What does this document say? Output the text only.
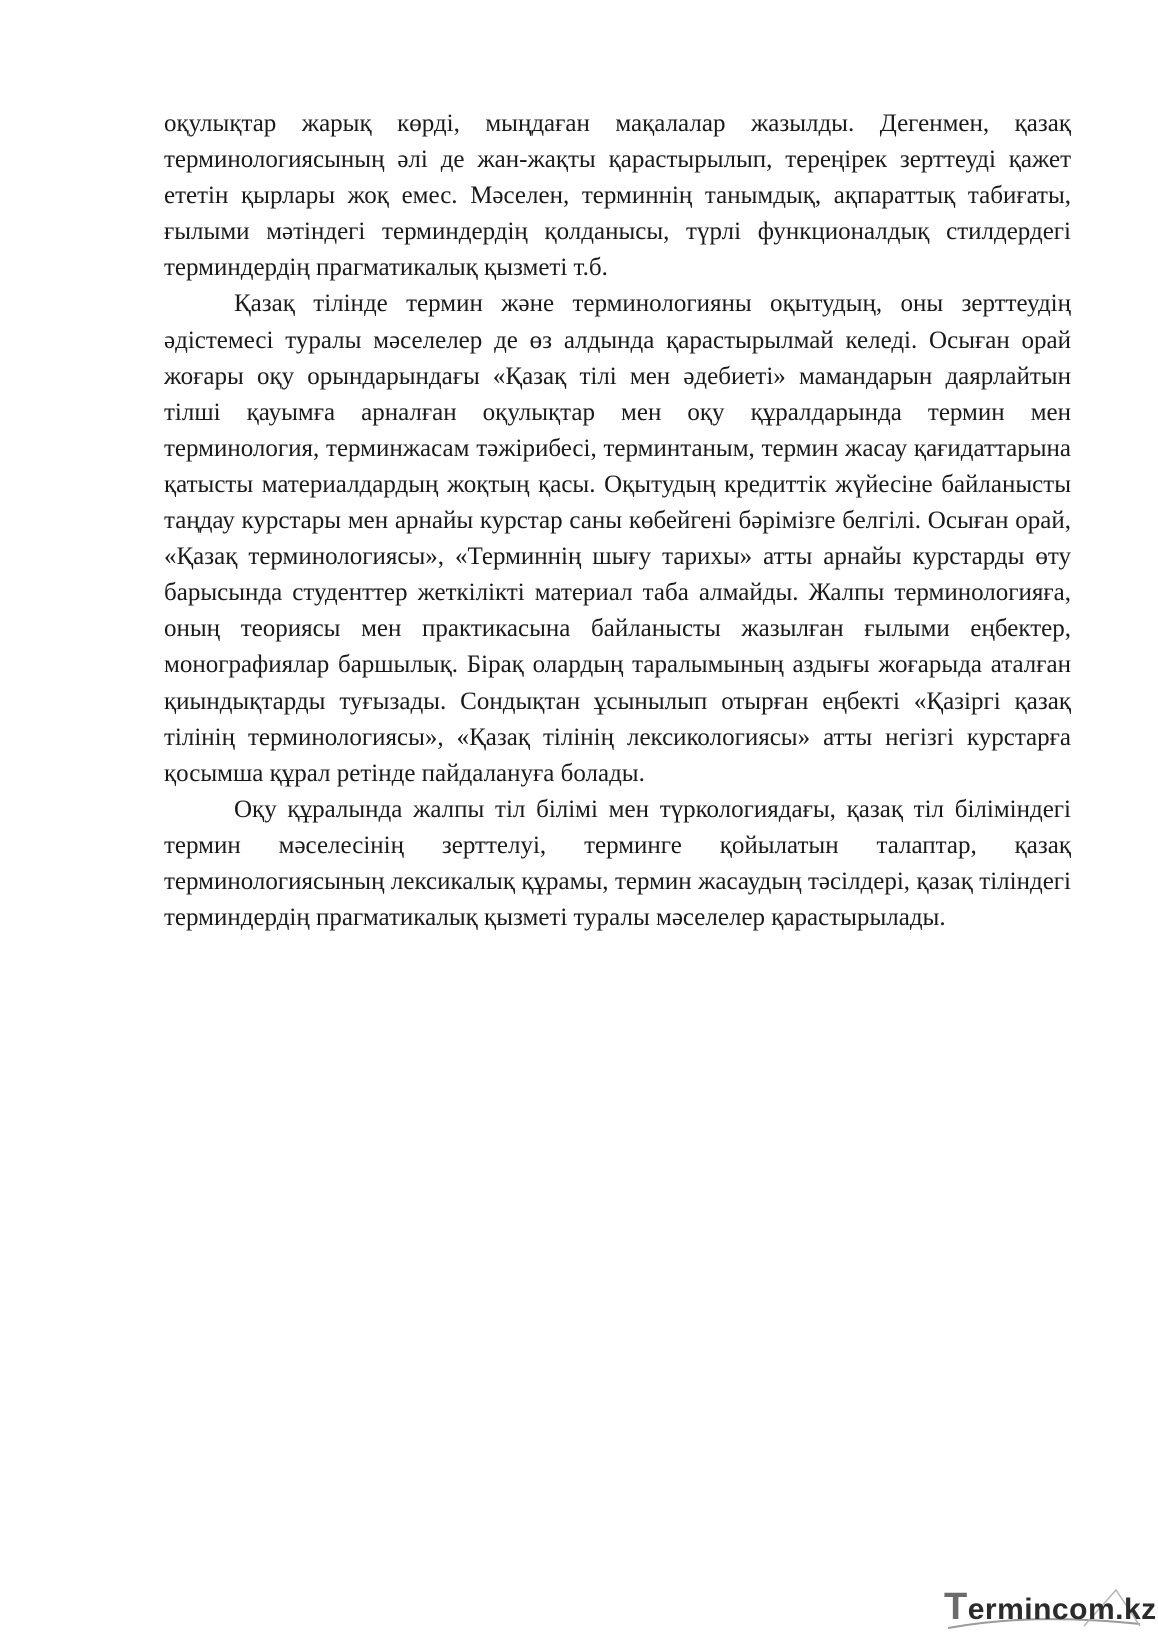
оқулықтар жарық көрді, мыңдаған мақалалар жазылды. Дегенмен, қазақ терминологиясының әлі де жан-жақты қарастырылып, тереңірек зерттеуді қажет ететін қырлары жоқ емес. Мәселен, терминнің танымдық, ақпараттық табиғаты, ғылыми мәтіндегі терминдердің қолданысы, түрлі функционалдық стилдердегі терминдердің прагматикалық қызметі т.б.

Қазақ тілінде термин және терминологияны оқытудың, оны зерттеудің әдістемесі туралы мәселелер де өз алдында қарастырылмай келеді. Осыған орай жоғары оқу орындарындағы «Қазақ тілі мен әдебиеті» мамандарын даярлайтын тілші қауымға арналған оқулықтар мен оқу құралдарында термин мен терминология, терминжасам тәжірибесі, терминтаным, термин жасау қағидаттарына қатысты материалдардың жоқтың қасы. Оқытудың кредиттік жүйесіне байланысты таңдау курстары мен арнайы курстар саны көбейгені бәрімізге белгілі. Осыған орай, «Қазақ терминологиясы», «Терминнің шығу тарихы» атты арнайы курстарды өту барысында студенттер жеткілікті материал таба алмайды. Жалпы терминологияға, оның теориясы мен практикасына байланысты жазылған ғылыми еңбектер, монографиялар баршылық. Бірақ олардың таралымының аздығы жоғарыда аталған қиындықтарды туғызады. Сондықтан ұсынылып отырған еңбекті «Қазіргі қазақ тілінің терминологиясы», «Қазақ тілінің лексикологиясы» атты негізгі курстарға қосымша құрал ретінде пайдалануға болады.

Оқу құралында жалпы тіл білімі мен түркологиядағы, қазақ тіл біліміндегі термин мәселесінің зерттелуі, терминге қойылатын талаптар, қазақ терминологиясының лексикалық құрамы, термин жасаудың тәсілдері, қазақ тіліндегі терминдердің прагматикалық қызметі туралы мәселелер қарастырылады.

Termincom.kz
